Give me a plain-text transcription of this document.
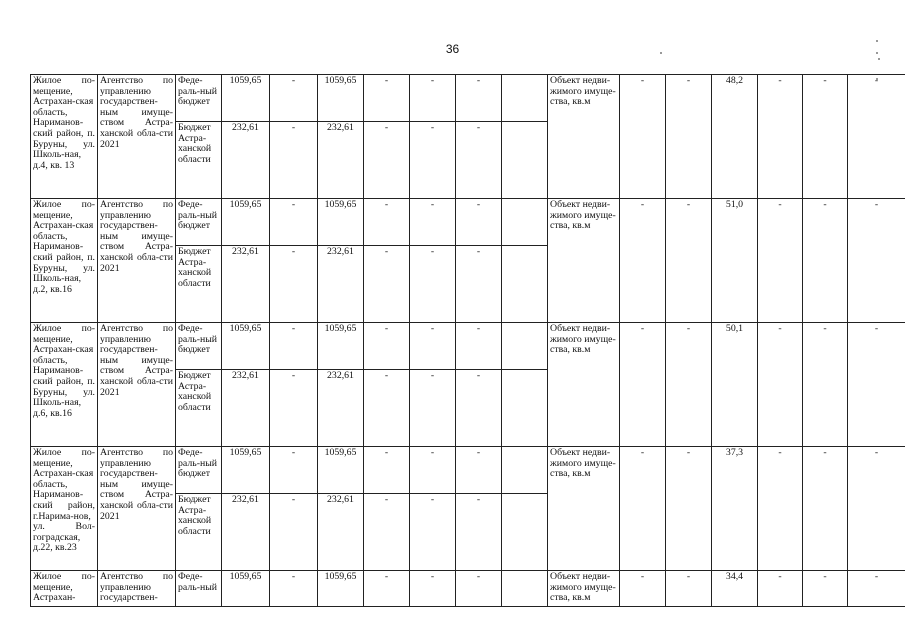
36
Жилое по-мещение, Астрахан-ская область, Нариманов-ский район, п. Буруны, ул. Школь-ная, д.4, кв. 13	Агентство по управлению государствен-ным имуще-ством Астра-ханской обла-сти 2021	Феде-раль-ный бюджет	1059,65	-	1059,65	-	-	-		Объект недви-жимого имуще-ства, кв.м	-	-	48,2	-	-	-
		Бюджет Астра-ханской области	232,61	-	232,61	-	-	-								
Жилое по-мещение, Астрахан-ская область, Нариманов-ский район, п. Буруны, ул. Школь-ная, д.2, кв.16	Агентство по управлению государствен-ным имуще-ством Астра-ханской обла-сти 2021	Феде-раль-ный бюджет	1059,65	-	1059,65	-	-	-		Объект недви-жимого имуще-ства, кв.м	-	-	51,0	-	-	-
		Бюджет Астра-ханской области	232,61	-	232,61	-	-	-								
Жилое по-мещение, Астрахан-ская область, Нариманов-ский район, п. Буруны, ул. Школь-ная, д.6, кв.16	Агентство по управлению государствен-ным имуще-ством Астра-ханской обла-сти 2021	Феде-раль-ный бюджет	1059,65	-	1059,65	-	-	-		Объект недви-жимого имуще-ства, кв.м	-	-	50,1	-	-	-
		Бюджет Астра-ханской области	232,61	-	232,61	-	-	-								
Жилое по-мещение, Астрахан-ская область, Нариманов-ский район, г.Нарима-нов, ул. Вол-гоградская, д.22, кв.23	Агентство по управлению государствен-ным имуще-ством Астра-ханской обла-сти 2021	Феде-раль-ный бюджет	1059,65	-	1059,65	-	-	-		Объект недви-жимого имуще-ства, кв.м	-	-	37,3	-	-	-
		Бюджет Астра-ханской области	232,61	-	232,61	-	-	-								
Жилое по-мещение, Астрахан-	Агентство по управлению государствен-	Феде-раль-ный	1059,65	-	1059,65	-	-	-		Объект недви-жимого имуще-ства, кв.м	-	-	34,4	-	-	-
